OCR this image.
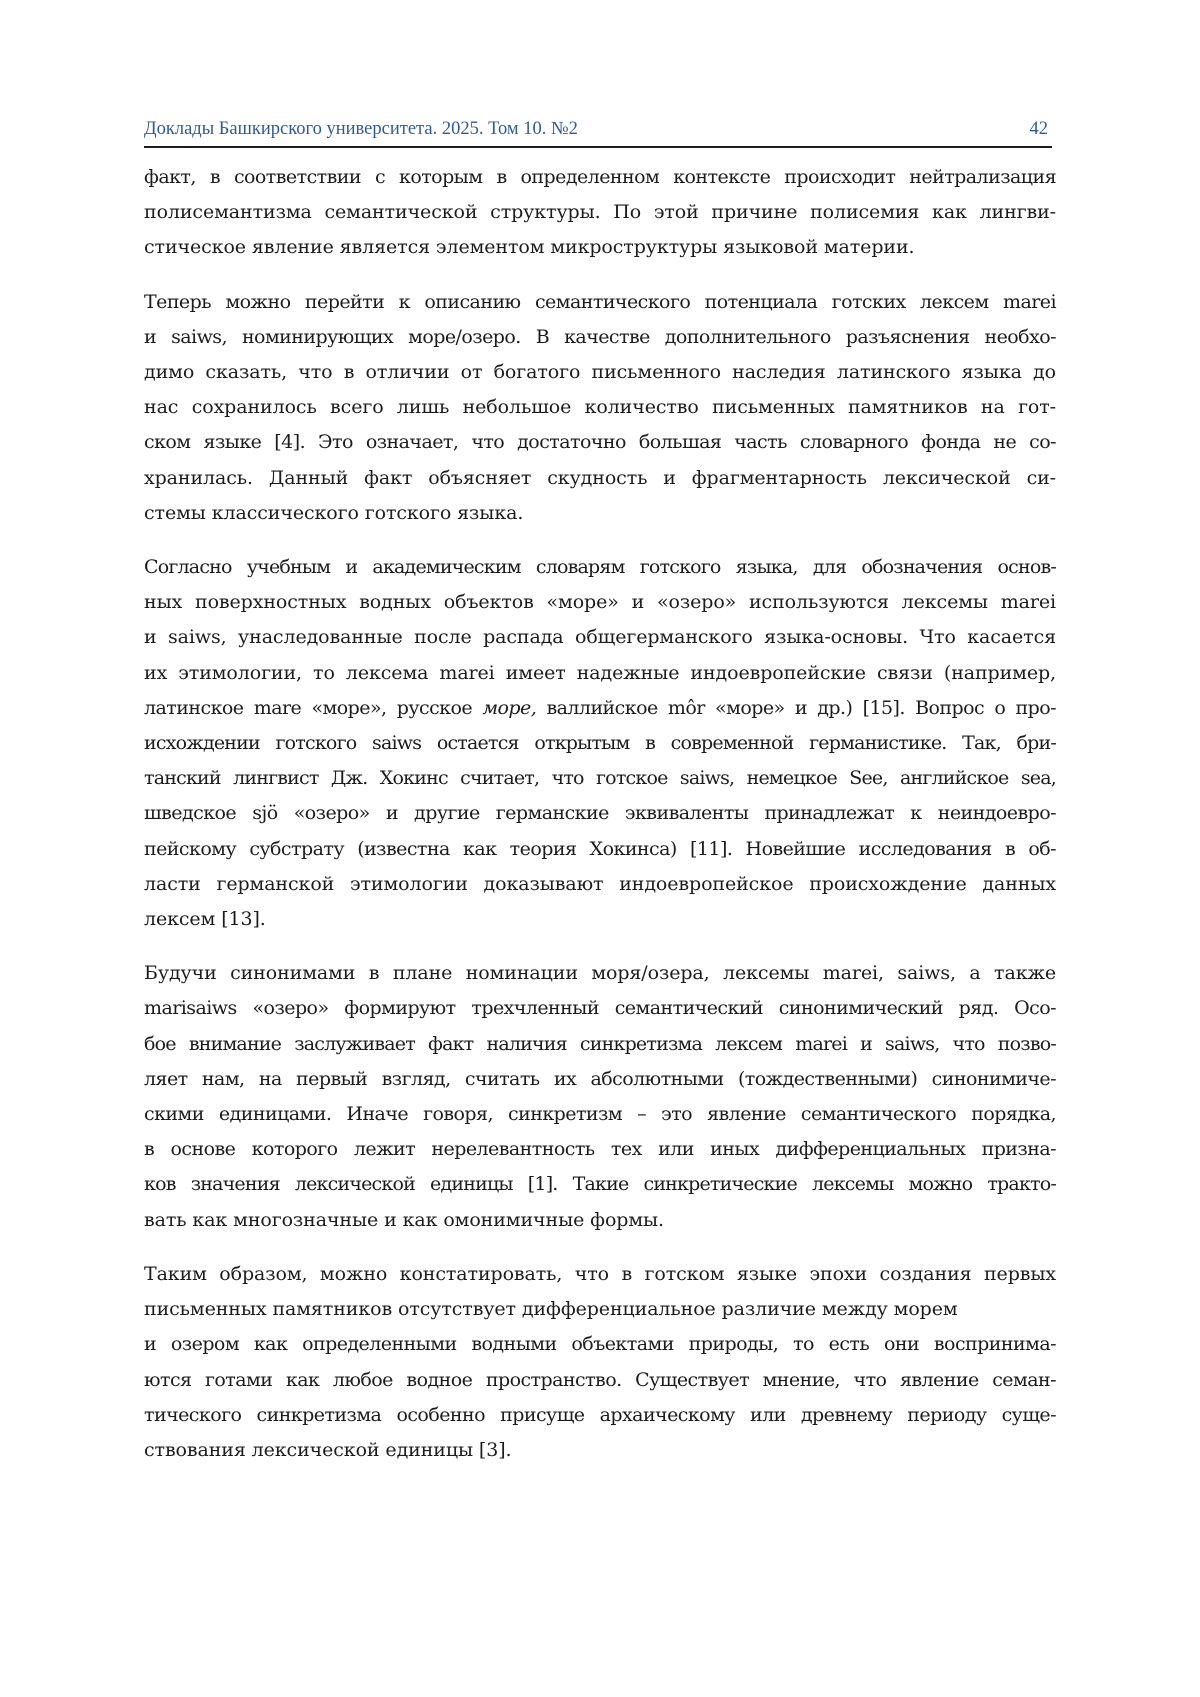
Доклады Башкирского университета. 2025. Том 10. №2	42

факт, в соответствии с которым в определенном контексте происходит нейтрализация
полисемантизма семантической структуры. По этой причине полисемия как лингви-
стическое явление является элементом микроструктуры языковой материи.

Теперь можно перейти к описанию семантического потенциала готских лексем marei
и saiws, номинирующих море/озеро. В качестве дополнительного разъяснения необхо-
димо сказать, что в отличии от богатого письменного наследия латинского языка до
нас сохранилось всего лишь небольшое количество письменных памятников на гот-
ском языке [4]. Это означает, что достаточно большая часть словарного фонда не со-
хранилась. Данный факт объясняет скудность и фрагментарность лексической си-
стемы классического готского языка.

Согласно учебным и академическим словарям готского языка, для обозначения основ-
ных поверхностных водных объектов «море» и «озеро» используются лексемы marei
и saiws, унаследованные после распада общегерманского языка-основы. Что касается
их этимологии, то лексема marei имеет надежные индоевропейские связи (например,
латинское mare «море», русское море, валлийское môr «море» и др.) [15]. Вопрос о про-
исхождении готского saiws остается открытым в современной германистике. Так, бри-
танский лингвист Дж. Хокинс считает, что готское saiws, немецкое See, английское sea,
шведское sjö «озеро» и другие германские эквиваленты принадлежат к неиндоевро-
пейскому субстрату (известна как теория Хокинса) [11]. Новейшие исследования в об-
ласти германской этимологии доказывают индоевропейское происхождение данных
лексем [13].

Будучи синонимами в плане номинации моря/озера, лексемы marei, saiws, а также
marisaiws «озеро» формируют трехчленный семантический синонимический ряд. Осо-
бое внимание заслуживает факт наличия синкретизма лексем marei и saiws, что позво-
ляет нам, на первый взгляд, считать их абсолютными (тождественными) синонимиче-
скими единицами. Иначе говоря, синкретизм – это явление семантического порядка,
в основе которого лежит нерелевантность тех или иных дифференциальных призна-
ков значения лексической единицы [1]. Такие синкретические лексемы можно тракто-
вать как многозначные и как омонимичные формы.

Таким образом, можно констатировать, что в готском языке эпохи создания первых
письменных памятников отсутствует дифференциальное различие между морем
и озером как определенными водными объектами природы, то есть они воспринима-
ются готами как любое водное пространство. Существует мнение, что явление семан-
тического синкретизма особенно присуще архаическому или древнему периоду суще-
ствования лексической единицы [3].
